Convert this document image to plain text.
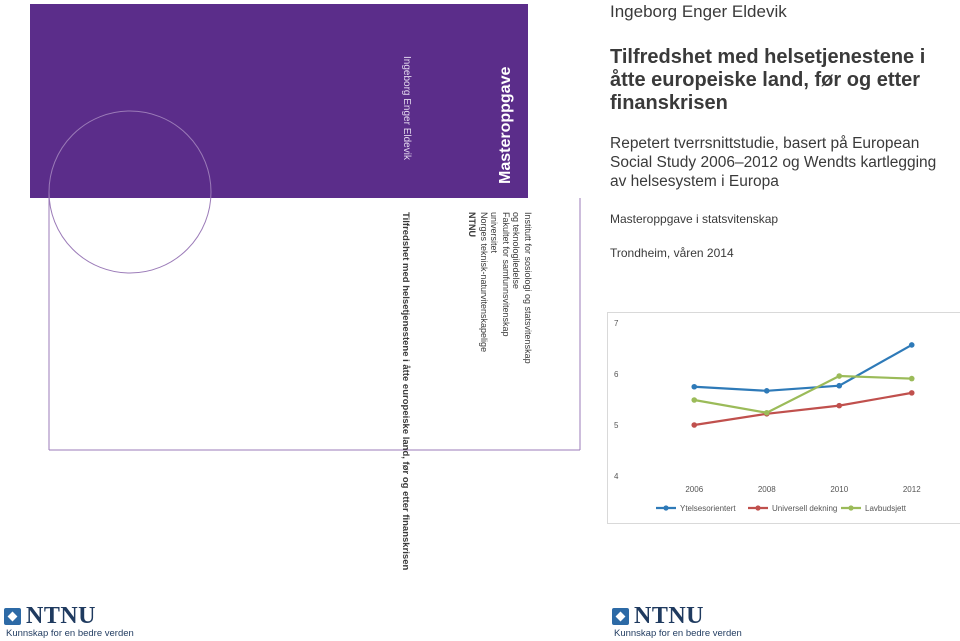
Ingeborg Enger Eldevik	Masteroppgave
Tilfredshet med helsetjenestene i åtte europeiske land, før og etter finanskrisen	NTNU Norges teknisk-naturvitenskapelige universitet Fakultet for samfunnsvitenskap og teknologiledelse Institutt for sosiologi og statsvitenskap
Ingeborg Enger Eldevik
Tilfredshet med helsetjenestene i åtte europeiske land, før og etter finanskrisen

Repetert tverrsnittstudie, basert på European Social Study 2006–2012 og Wendts kartlegging av helsesystem i Europa

Masteroppgave i statsvitenskap
Trondheim, våren 2014
4
5
6
7
2006	2008	2010	2012
Ytelsesorientert	Universell dekning	Lavbudsjett
NTNU
Kunnskap for en bedre verden
NTNU
Kunnskap for en bedre verden
